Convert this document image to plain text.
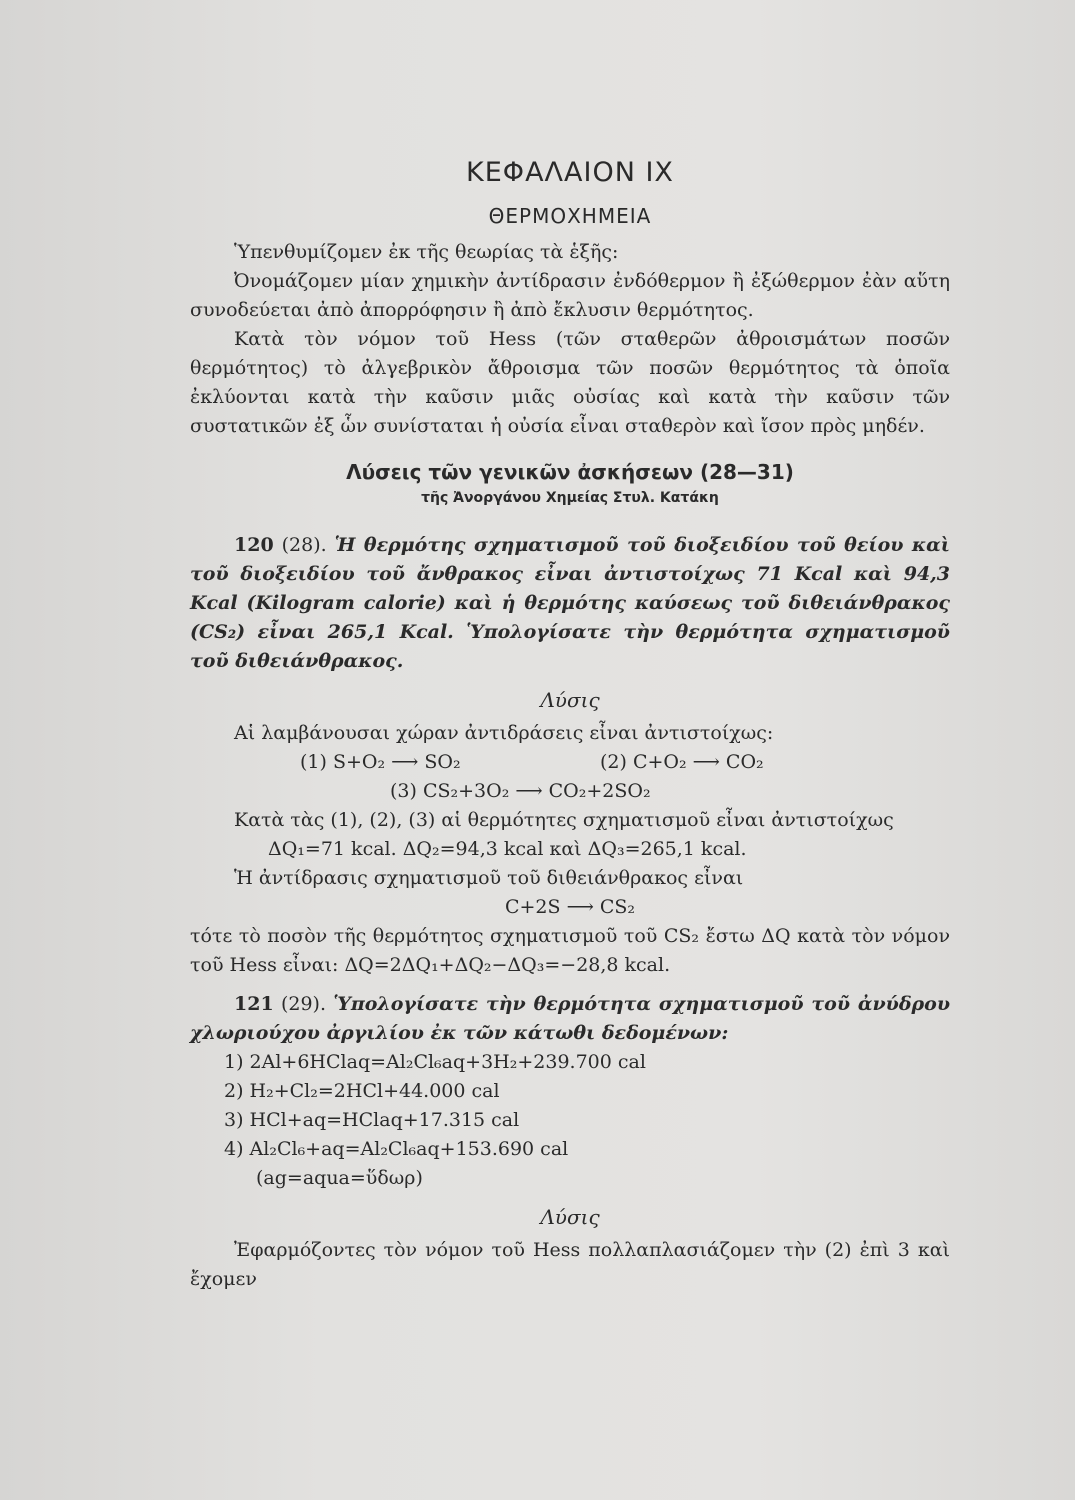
ΚΕΦΑΛΑΙΟΝ IX
ΘΕΡΜΟΧΗΜΕΙΑ

Ὑπενθυμίζομεν ἐκ τῆς θεωρίας τὰ ἑξῆς:

Ὀνομάζομεν μίαν χημικὴν ἀντίδρασιν ἐνδόθερμον ἢ ἐξώθερμον ἐὰν αὕτη συνοδεύεται ἀπὸ ἀπορρόφησιν ἢ ἀπὸ ἔκλυσιν θερμότητος.

Κατὰ τὸν νόμον τοῦ Hess (τῶν σταθερῶν ἀθροισμάτων ποσῶν θερμότητος) τὸ ἀλγεβρικὸν ἄθροισμα τῶν ποσῶν θερμότητος τὰ ὁποῖα ἐκλύονται κατὰ τὴν καῦσιν μιᾶς οὐσίας καὶ κατὰ τὴν καῦσιν τῶν συστατικῶν ἐξ ὧν συνίσταται ἡ οὐσία εἶναι σταθερὸν καὶ ἴσον πρὸς μηδέν.

Λύσεις τῶν γενικῶν ἀσκήσεων (28—31)
τῆς Ἀνοργάνου Χημείας Στυλ. Κατάκη

120 (28). Ἡ θερμότης σχηματισμοῦ τοῦ διοξειδίου τοῦ θείου καὶ τοῦ διοξειδίου τοῦ ἄνθρακος εἶναι ἀντιστοίχως 71 Kcal καὶ 94,3 Kcal (Kilogram calorie) καὶ ἡ θερμότης καύσεως τοῦ διθειάνθρακος (CS₂) εἶναι 265,1 Kcal. Ὑπολογίσατε τὴν θερμότητα σχηματισμοῦ τοῦ διθειάνθρακος.

Λύσις

Αἱ λαμβάνουσαι χώραν ἀντιδράσεις εἶναι ἀντιστοίχως:

(1) S+O₂ ⟶ SO₂	(2) C+O₂ ⟶ CO₂
(3) CS₂+3O₂ ⟶ CO₂+2SO₂

Κατὰ τὰς (1), (2), (3) αἱ θερμότητες σχηματισμοῦ εἶναι ἀντιστοίχως

ΔQ₁=71 kcal. ΔQ₂=94,3 kcal καὶ ΔQ₃=265,1 kcal.

Ἡ ἀντίδρασις σχηματισμοῦ τοῦ διθειάνθρακος εἶναι

C+2S ⟶ CS₂

τότε τὸ ποσὸν τῆς θερμότητος σχηματισμοῦ τοῦ CS₂ ἔστω ΔQ κατὰ τὸν νόμον τοῦ Hess εἶναι: ΔQ=2ΔQ₁+ΔQ₂−ΔQ₃=−28,8 kcal.

121 (29). Ὑπολογίσατε τὴν θερμότητα σχηματισμοῦ τοῦ ἀνύδρου χλωριούχου ἀργιλίου ἐκ τῶν κάτωθι δεδομένων:

1) 2Al+6HClaq=Al₂Cl₆aq+3H₂+239.700 cal
2) H₂+Cl₂=2HCl+44.000 cal
3) HCl+aq=HClaq+17.315 cal
4) Al₂Cl₆+aq=Al₂Cl₆aq+153.690 cal
(ag=aqua=ὕδωρ)
Λύσις

Ἐφαρμόζοντες τὸν νόμον τοῦ Hess πολλαπλασιάζομεν τὴν (2) ἐπὶ 3 καὶ ἔχομεν
